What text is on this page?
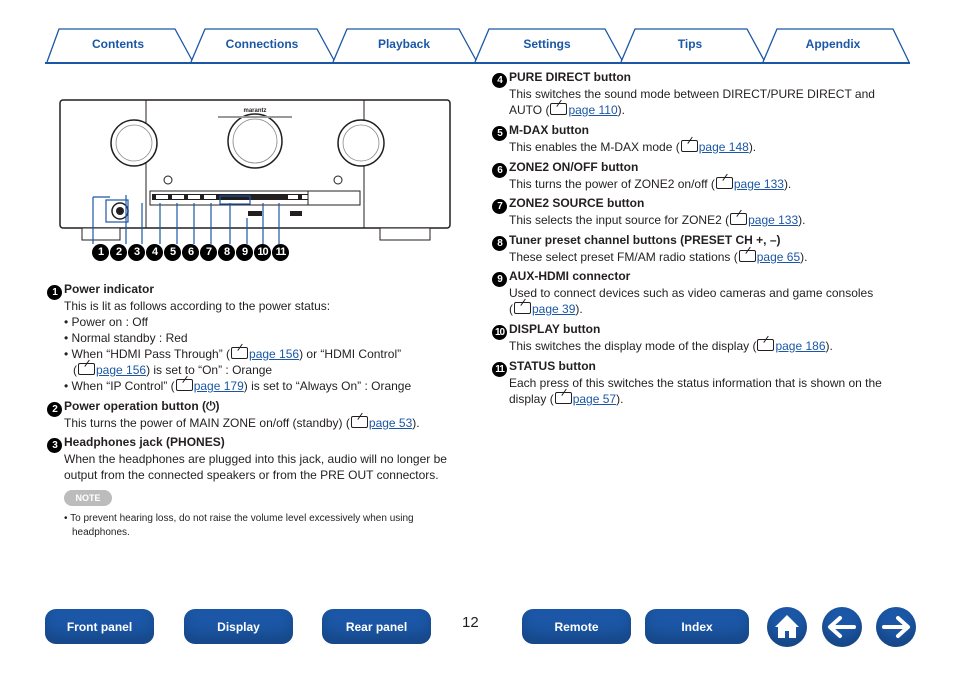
Contents	Connections	Playback	Settings	Tips	Appendix
marantz
1 2 3 4 5 6 7 8 9 10 11
1 Power indicator
This is lit as follows according to the power status:
• Power on : Off
• Normal standby : Red
• When “HDMI Pass Through” ( page 156) or “HDMI Control”
( page 156) is set to “On” : Orange
• When “IP Control” ( page 179) is set to “Always On” : Orange
2 Power operation button (⏻)
This turns the power of MAIN ZONE on/off (standby) ( page 53).
3 Headphones jack (PHONES)
When the headphones are plugged into this jack, audio will no longer be
output from the connected speakers or from the PRE OUT connectors.
NOTE
• To prevent hearing loss, do not raise the volume level excessively when using
headphones.
4 PURE DIRECT button
This switches the sound mode between DIRECT/PURE DIRECT and
AUTO ( page 110).
5 M-DAX button
This enables the M-DAX mode ( page 148).
6 ZONE2 ON/OFF button
This turns the power of ZONE2 on/off ( page 133).
7 ZONE2 SOURCE button
This selects the input source for ZONE2 ( page 133).
8 Tuner preset channel buttons (PRESET CH +, –)
These select preset FM/AM radio stations ( page 65).
9 AUX-HDMI connector
Used to connect devices such as video cameras and game consoles
( page 39).
10 DISPLAY button
This switches the display mode of the display ( page 186).
11 STATUS button
Each press of this switches the status information that is shown on the
display ( page 57).
Front panel	Display	Rear panel	12	Remote	Index
